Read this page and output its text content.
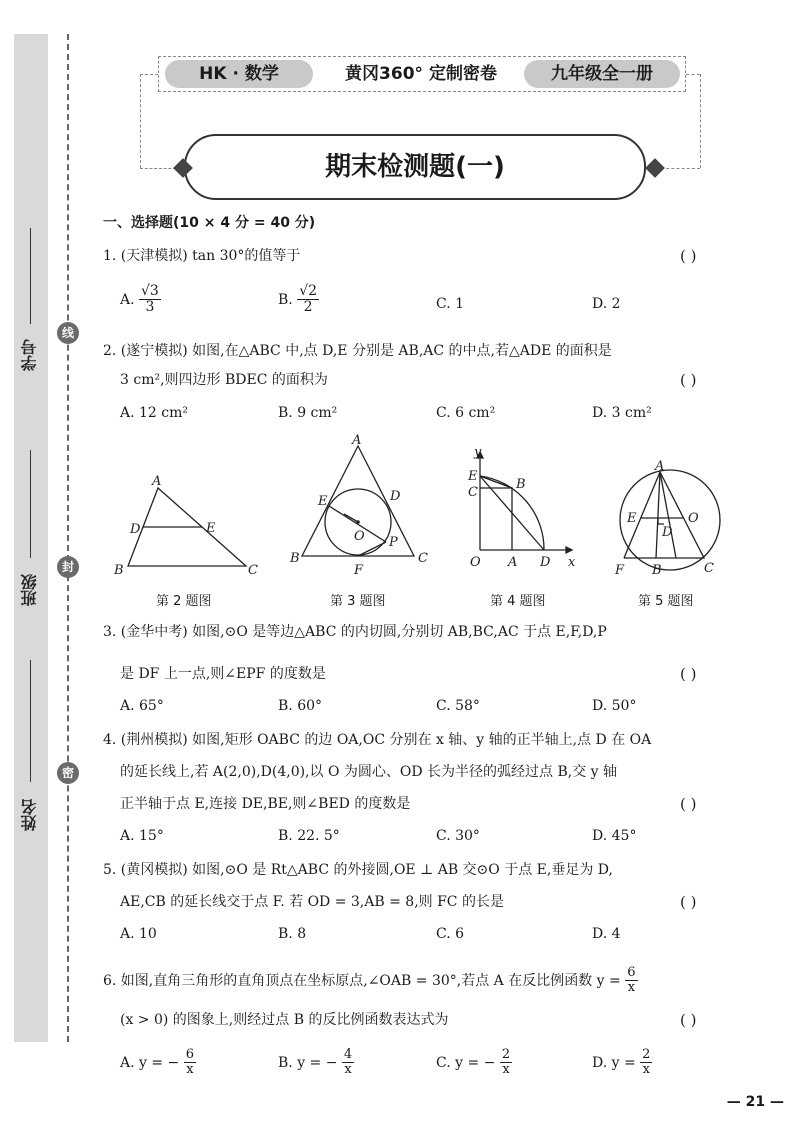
学号
班级
姓名
线
封
密
HK · 数学	黄冈360° 定制密卷	九年级全一册
期末检测题(一)
一、选择题(10 × 4 分 = 40 分)
1. (天津模拟) tan 30°的值等于	( )
A. $\frac{√3}{3}$	B. $\frac{√2}{2}$	C. 1	D. 2
2. (遂宁模拟) 如图,在△ABC 中,点 D,E 分别是 AB,AC 的中点,若△ADE 的面积是
3 cm²,则四边形 BDEC 的面积为	( )
A. 12 cm²	B. 9 cm²	C. 6 cm²	D. 3 cm²
A
D	E
B	C
A
E	D
O P
B	C
F
y
E
C
B
O A D x
A
E
D
O
F B	C
第 2 题图	第 3 题图	第 4 题图	第 5 题图
3. (金华中考) 如图,⊙O 是等边△ABC 的内切圆,分别切 AB,BC,AC 于点 E,F,D,P
是 DF 上一点,则∠EPF 的度数是	( )
A. 65°	B. 60°	C. 58°	D. 50°
4. (荆州模拟) 如图,矩形 OABC 的边 OA,OC 分别在 x 轴、y 轴的正半轴上,点 D 在 OA
的延长线上,若 A(2,0),D(4,0),以 O 为圆心、OD 长为半径的弧经过点 B,交 y 轴
正半轴于点 E,连接 DE,BE,则∠BED 的度数是	( )
A. 15°	B. 22. 5°	C. 30°	D. 45°
5. (黄冈模拟) 如图,⊙O 是 Rt△ABC 的外接圆,OE ⊥ AB 交⊙O 于点 E,垂足为 D,
AE,CB 的延长线交于点 F. 若 OD = 3,AB = 8,则 FC 的长是	( )
A. 10	B. 8	C. 6	D. 4
6. 如图,直角三角形的直角顶点在坐标原点,∠OAB = 30°,若点 A 在反比例函数 $y = \frac{6}{x}$
(x > 0) 的图象上,则经过点 B 的反比例函数表达式为	( )
A. y = − $\frac{6}{x}$	B. y = − $\frac{4}{x}$	C. y = − $\frac{2}{x}$	D. $y = \frac{2}{x}$
— 21 —
